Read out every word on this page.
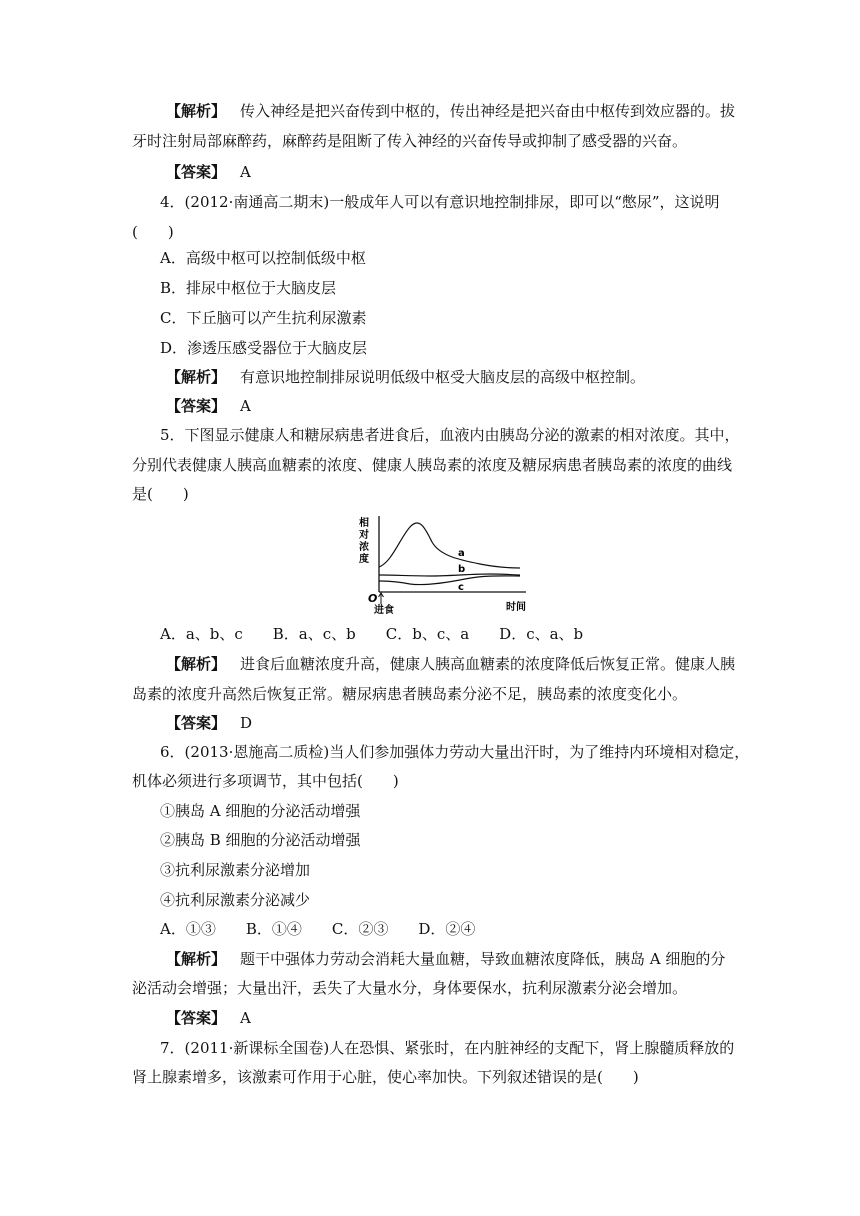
【解析】 传入神经是把兴奋传到中枢的，传出神经是把兴奋由中枢传到效应器的。拔
牙时注射局部麻醉药，麻醉药是阻断了传入神经的兴奋传导或抑制了感受器的兴奋。
【答案】 A
4．(2012·南通高二期末)一般成年人可以有意识地控制排尿，即可以“憋尿”，这说明
(　　)
A．高级中枢可以控制低级中枢
B．排尿中枢位于大脑皮层
C．下丘脑可以产生抗利尿激素
D．渗透压感受器位于大脑皮层
【解析】 有意识地控制排尿说明低级中枢受大脑皮层的高级中枢控制。
【答案】 A
5．下图显示健康人和糖尿病患者进食后，血液内由胰岛分泌的激素的相对浓度。其中，
分别代表健康人胰高血糖素的浓度、健康人胰岛素的浓度及糖尿病患者胰岛素的浓度的曲线
是(　　)
相
对
浓
度
O
进食	时间
a
b
c
A．a、b、c　　B．a、c、b　　C．b、c、a　　D．c、a、b
【解析】 进食后血糖浓度升高，健康人胰高血糖素的浓度降低后恢复正常。健康人胰
岛素的浓度升高然后恢复正常。糖尿病患者胰岛素分泌不足，胰岛素的浓度变化小。
【答案】 D
6．(2013·恩施高二质检)当人们参加强体力劳动大量出汗时，为了维持内环境相对稳定，
机体必须进行多项调节，其中包括(　　)
①胰岛 A 细胞的分泌活动增强
②胰岛 B 细胞的分泌活动增强
③抗利尿激素分泌增加
④抗利尿激素分泌减少
A．①③　　B．①④　　C．②③　　D．②④
【解析】 题干中强体力劳动会消耗大量血糖，导致血糖浓度降低，胰岛 A 细胞的分
泌活动会增强；大量出汗，丢失了大量水分，身体要保水，抗利尿激素分泌会增加。
【答案】 A
7．(2011·新课标全国卷)人在恐惧、紧张时，在内脏神经的支配下，肾上腺髓质释放的
肾上腺素增多，该激素可作用于心脏，使心率加快。下列叙述错误的是(　　)
